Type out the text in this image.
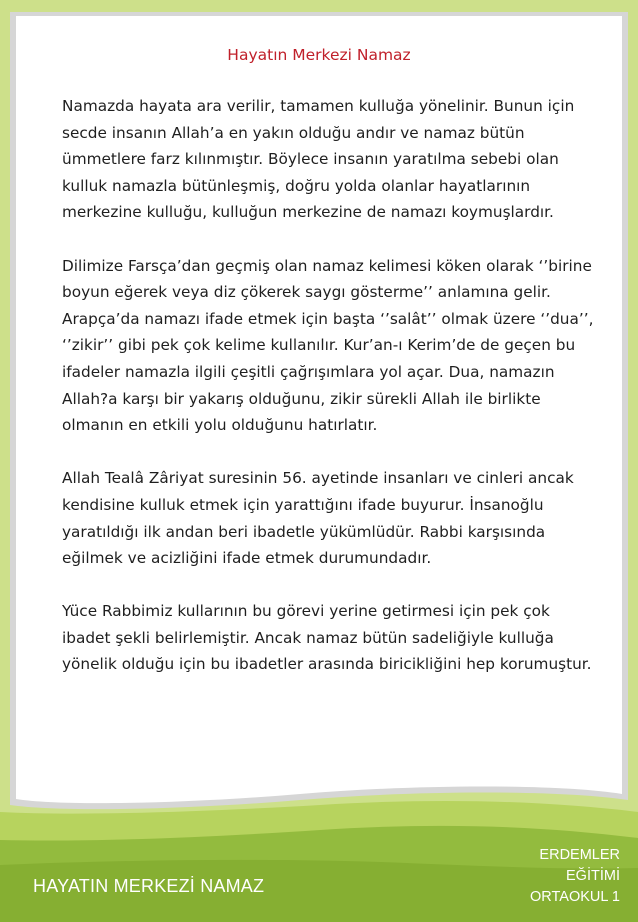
Hayatın Merkezi Namaz

Namazda hayata ara verilir, tamamen kulluğa yönelinir. Bunun için secde insanın Allah’a en yakın olduğu andır ve namaz bütün ümmetlere farz kılınmıştır. Böylece insanın yaratılma sebebi olan kulluk namazla bütünleşmiş, doğru yolda olanlar hayatlarının merkezine kulluğu, kulluğun merkezine de namazı koymuşlardır.

Dilimize Farsça’dan geçmiş olan namaz kelimesi köken olarak ‘’birine boyun eğerek veya diz çökerek saygı gösterme’’ anlamına gelir. Arapça’da namazı ifade etmek için başta ‘’salât’’ olmak üzere ‘’dua’’, ‘’zikir’’ gibi pek çok kelime kullanılır. Kur’an-ı Kerim’de de geçen bu ifadeler namazla ilgili çeşitli çağrışımlara yol açar. Dua, namazın Allah?a karşı bir yakarış olduğunu, zikir sürekli Allah ile birlikte olmanın en etkili yolu olduğunu hatırlatır.

Allah Tealâ Zâriyat suresinin 56. ayetinde insanları ve cinleri ancak kendisine kulluk etmek için yarattığını ifade buyurur. İnsanoğlu yaratıldığı ilk andan beri ibadetle yükümlüdür. Rabbi karşısında eğilmek ve acizliğini ifade etmek durumundadır.

Yüce Rabbimiz kullarının bu görevi yerine getirmesi için pek çok ibadet şekli belirlemiştir. Ancak namaz bütün sadeliğiyle kulluğa yönelik olduğu için bu ibadetler arasında biricikliğini hep korumuştur.

HAYATIN MERKEZİ NAMAZ
ERDEMLER
EĞİTİMİ
ORTAOKUL 1
